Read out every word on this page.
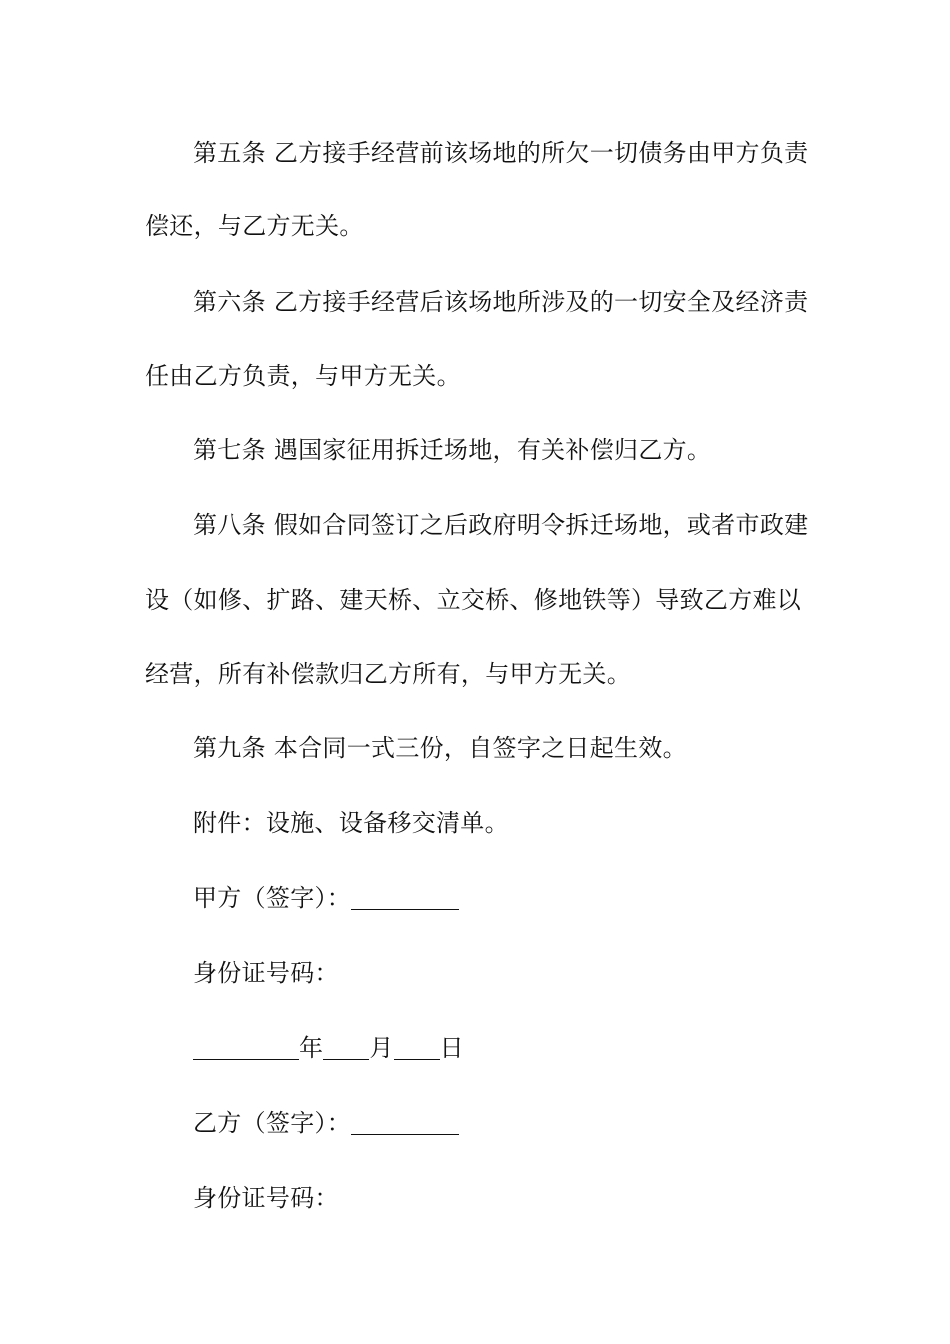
第五条 乙方接手经营前该场地的所欠一切债务由甲方负责
偿还，与乙方无关。
第六条 乙方接手经营后该场地所涉及的一切安全及经济责
任由乙方负责，与甲方无关。
第七条 遇国家征用拆迁场地，有关补偿归乙方。
第八条 假如合同签订之后政府明令拆迁场地，或者市政建
设（如修、扩路、建天桥、立交桥、修地铁等）导致乙方难以
经营，所有补偿款归乙方所有，与甲方无关。
第九条 本合同一式三份，自签字之日起生效。
附件：设施、设备移交清单。
甲方（签字）：
身份证号码：
年 月 日
乙方（签字）：
身份证号码：
